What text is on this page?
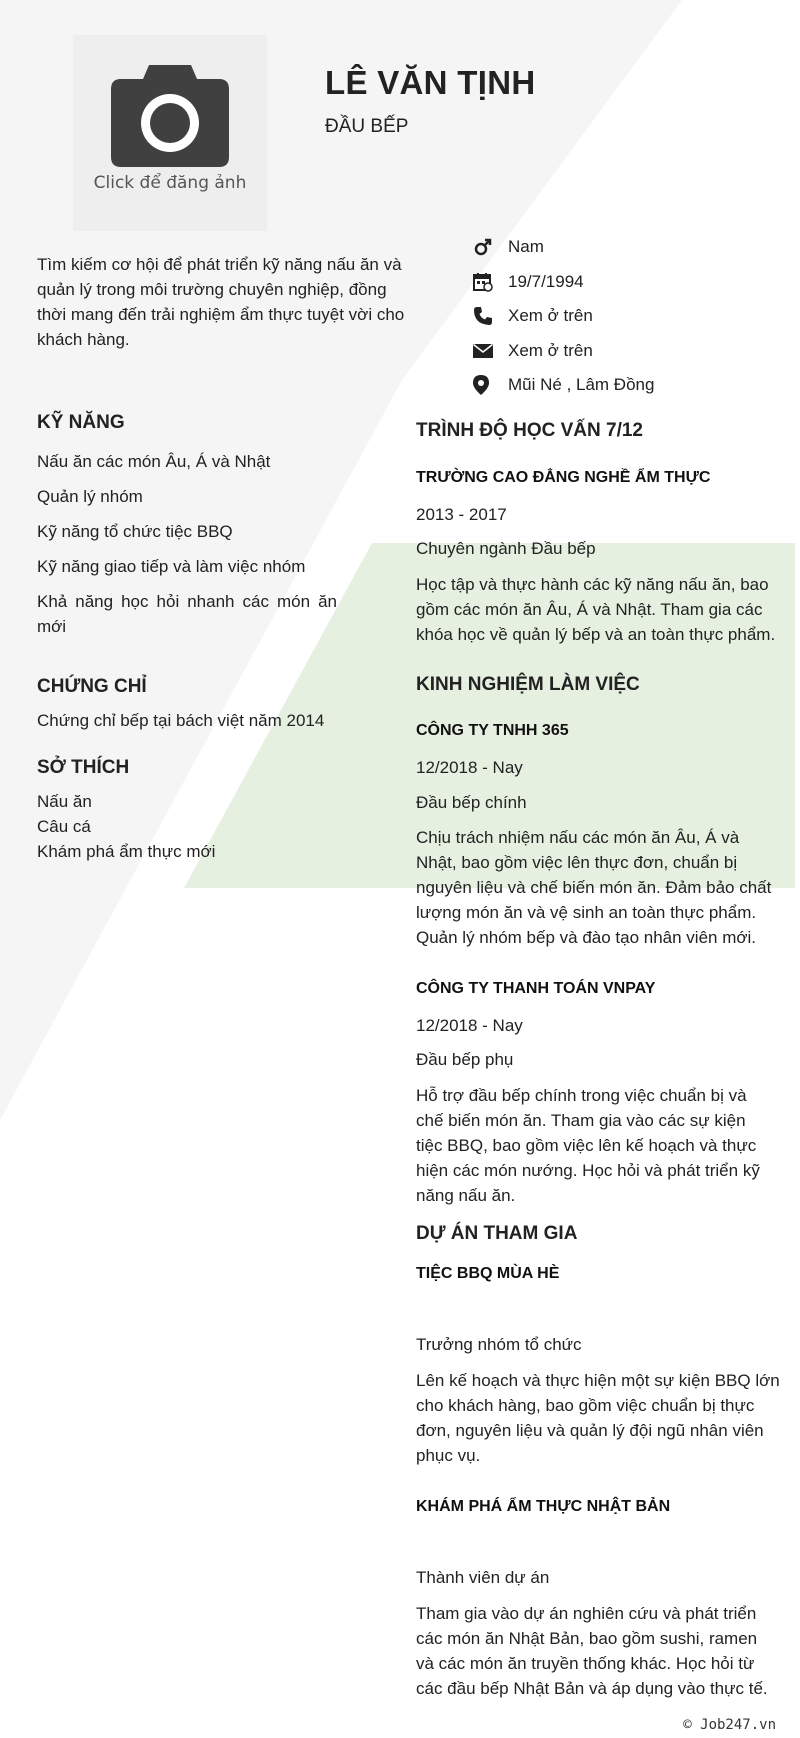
Click để đăng ảnh
LÊ VĂN TỊNH
ĐẦU BẾP
Tìm kiếm cơ hội để phát triển kỹ năng nấu ăn và quản lý trong môi trường chuyên nghiệp, đồng thời mang đến trải nghiệm ẩm thực tuyệt vời cho khách hàng.
Nam
19/7/1994
Xem ở trên
Xem ở trên
Mũi Né , Lâm Đồng
KỸ NĂNG
Nấu ăn các món Âu, Á và Nhật
Quản lý nhóm
Kỹ năng tổ chức tiệc BBQ
Kỹ năng giao tiếp và làm việc nhóm
Khả năng học hỏi nhanh các món ăn mới
CHỨNG CHỈ
Chứng chỉ bếp tại bách việt năm 2014
SỞ THÍCH
Nấu ăn
Câu cá
Khám phá ẩm thực mới
TRÌNH ĐỘ HỌC VẤN 7/12
TRƯỜNG CAO ĐẲNG NGHỀ ẨM THỰC
2013 - 2017
Chuyên ngành Đầu bếp
Học tập và thực hành các kỹ năng nấu ăn, bao gồm các món ăn Âu, Á và Nhật. Tham gia các khóa học về quản lý bếp và an toàn thực phẩm.
KINH NGHIỆM LÀM VIỆC
CÔNG TY TNHH 365
12/2018 - Nay
Đầu bếp chính
Chịu trách nhiệm nấu các món ăn Âu, Á và Nhật, bao gồm việc lên thực đơn, chuẩn bị nguyên liệu và chế biến món ăn. Đảm bảo chất lượng món ăn và vệ sinh an toàn thực phẩm. Quản lý nhóm bếp và đào tạo nhân viên mới.
CÔNG TY THANH TOÁN VNPAY
12/2018 - Nay
Đầu bếp phụ
Hỗ trợ đầu bếp chính trong việc chuẩn bị và chế biến món ăn. Tham gia vào các sự kiện tiệc BBQ, bao gồm việc lên kế hoạch và thực hiện các món nướng. Học hỏi và phát triển kỹ năng nấu ăn.
DỰ ÁN THAM GIA
TIỆC BBQ MÙA HÈ
Trưởng nhóm tổ chức
Lên kế hoạch và thực hiện một sự kiện BBQ lớn cho khách hàng, bao gồm việc chuẩn bị thực đơn, nguyên liệu và quản lý đội ngũ nhân viên phục vụ.
KHÁM PHÁ ẨM THỰC NHẬT BẢN
Thành viên dự án
Tham gia vào dự án nghiên cứu và phát triển các món ăn Nhật Bản, bao gồm sushi, ramen và các món ăn truyền thống khác. Học hỏi từ các đầu bếp Nhật Bản và áp dụng vào thực tế.
© Job247.vn
